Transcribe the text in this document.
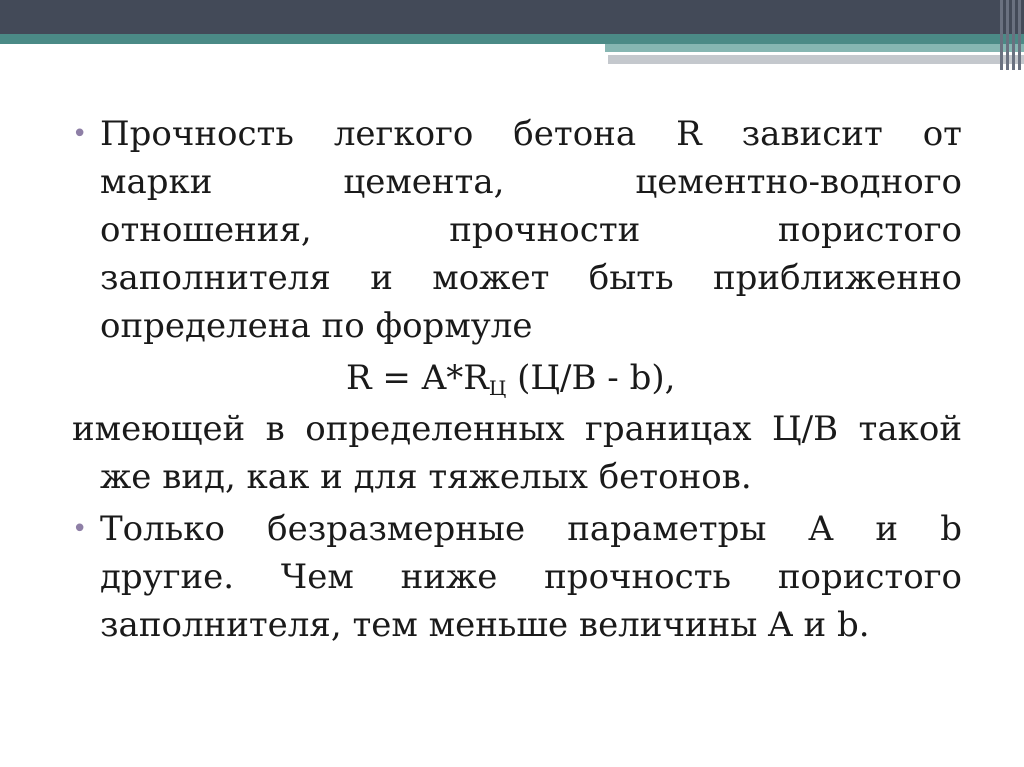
• Прочность легкого бетона R зависит от
марки цемента, цементно-водного
отношения, прочности пористого
заполнителя и может быть приближенно
определена по формуле
$R = A*R_Ц$ (Ц/В - b),
имеющей в определенных границах Ц/В такой
же вид, как и для тяжелых бетонов.
• Только безразмерные параметры A и b
другие. Чем ниже прочность пористого
заполнителя, тем меньше величины A и b.
